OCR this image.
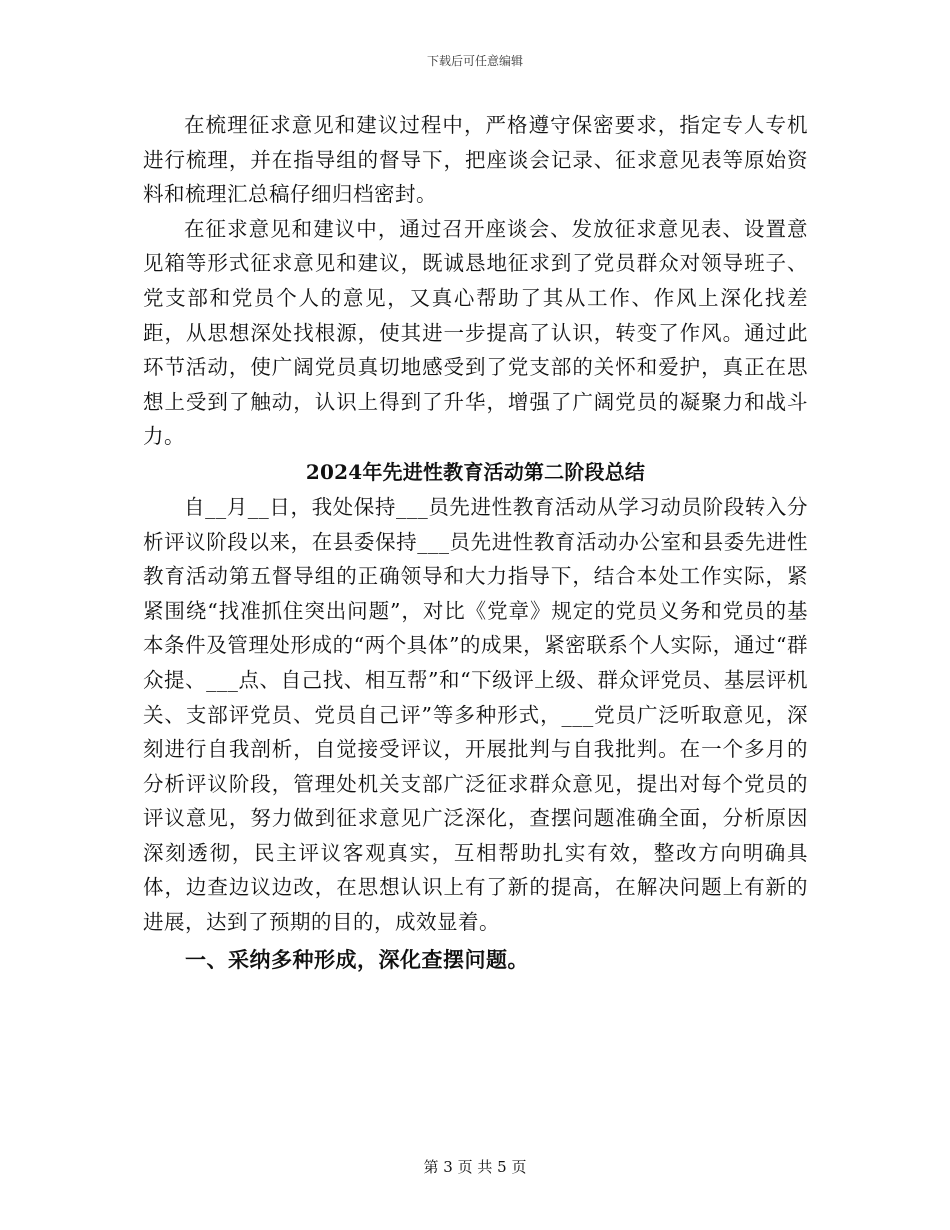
下载后可任意编辑

在梳理征求意见和建议过程中，严格遵守保密要求，指定专人专机进行梳理，并在指导组的督导下，把座谈会记录、征求意见表等原始资料和梳理汇总稿仔细归档密封。

在征求意见和建议中，通过召开座谈会、发放征求意见表、设置意见箱等形式征求意见和建议，既诚恳地征求到了党员群众对领导班子、党支部和党员个人的意见，又真心帮助了其从工作、作风上深化找差距，从思想深处找根源，使其进一步提高了认识，转变了作风。通过此环节活动，使广阔党员真切地感受到了党支部的关怀和爱护，真正在思想上受到了触动，认识上得到了升华，增强了广阔党员的凝聚力和战斗力。

2024年先进性教育活动第二阶段总结

自__月__日，我处保持___员先进性教育活动从学习动员阶段转入分析评议阶段以来，在县委保持___员先进性教育活动办公室和县委先进性教育活动第五督导组的正确领导和大力指导下，结合本处工作实际，紧紧围绕“找准抓住突出问题”，对比《党章》规定的党员义务和党员的基本条件及管理处形成的“两个具体”的成果，紧密联系个人实际，通过“群众提、___点、自己找、相互帮”和“下级评上级、群众评党员、基层评机关、支部评党员、党员自己评”等多种形式，___党员广泛听取意见，深刻进行自我剖析，自觉接受评议，开展批判与自我批判。在一个多月的分析评议阶段，管理处机关支部广泛征求群众意见，提出对每个党员的评议意见，努力做到征求意见广泛深化，查摆问题准确全面，分析原因深刻透彻，民主评议客观真实，互相帮助扎实有效，整改方向明确具体，边查边议边改，在思想认识上有了新的提高，在解决问题上有新的进展，达到了预期的目的，成效显着。

一、采纳多种形成，深化查摆问题。
第 3 页 共 5 页
